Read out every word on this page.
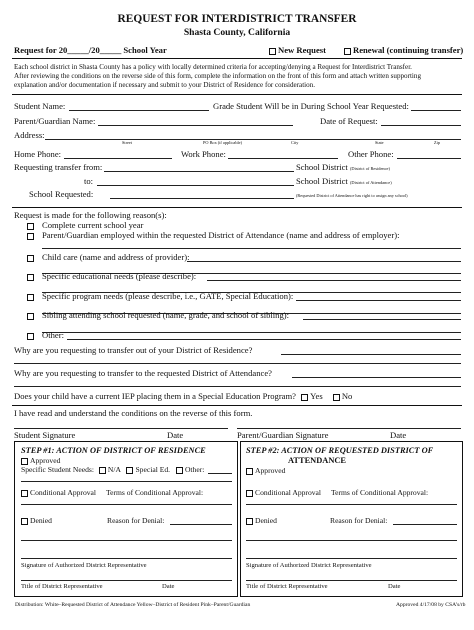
REQUEST FOR INTERDISTRICT TRANSFER
Shasta County, California
Request for 20_____/20_____ School Year	New Request	Renewal (continuing transfer)
Each school district in Shasta County has a policy with locally determined criteria for accepting/denying a Request for Interdistrict Transfer.
After reviewing the conditions on the reverse side of this form, complete the information on the front of this form and attach written supporting
explanation and/or documentation if necessary and submit to your District of Residence for consideration.
Student Name:	Grade Student Will be in During School Year Requested:
Parent/Guardian Name:	Date of Request:
Address:
Street	PO Box (if applicable)	City	State	Zip
Home Phone:	Work Phone:	Other Phone:
Requesting transfer from:	School District (District of Residence)
to:	School District (District of Attendance)
School Requested:	(Requested District of Attendance has right to assign any school)
Request is made for the following reason(s):
Complete current school year
Parent/Guardian employed within the requested District of Attendance (name and address of employer):
Child care (name and address of provider):
Specific educational needs (please describe):
Specific program needs (please describe, i.e., GATE, Special Education):
Sibling attending school requested (name, grade, and school of sibling):
Other:
Why are you requesting to transfer out of your District of Residence?
Why are you requesting to transfer to the requested District of Attendance?
Does your child have a current IEP placing them in a Special Education Program? Yes No
I have read and understand the conditions on the reverse of this form.
Student Signature	Date	Parent/Guardian Signature	Date
STEP #1: ACTION OF DISTRICT OF RESIDENCE
Approved
Specific Student Needs: N/A Special Ed. Other:
Conditional Approval Terms of Conditional Approval:
Denied	Reason for Denial:
Signature of Authorized District Representative
Title of District Representative	Date
STEP #2: ACTION OF REQUESTED DISTRICT OF
ATTENDANCE
Approved
Conditional Approval Terms of Conditional Approval:
Denied	Reason for Denial:
Signature of Authorized District Representative
Title of District Representative	Date
Distribution: White–Requested District of Attendance Yellow–District of Resident Pink–Parent/Guardian	Approved 4/17/08 by CSA’s/rb
